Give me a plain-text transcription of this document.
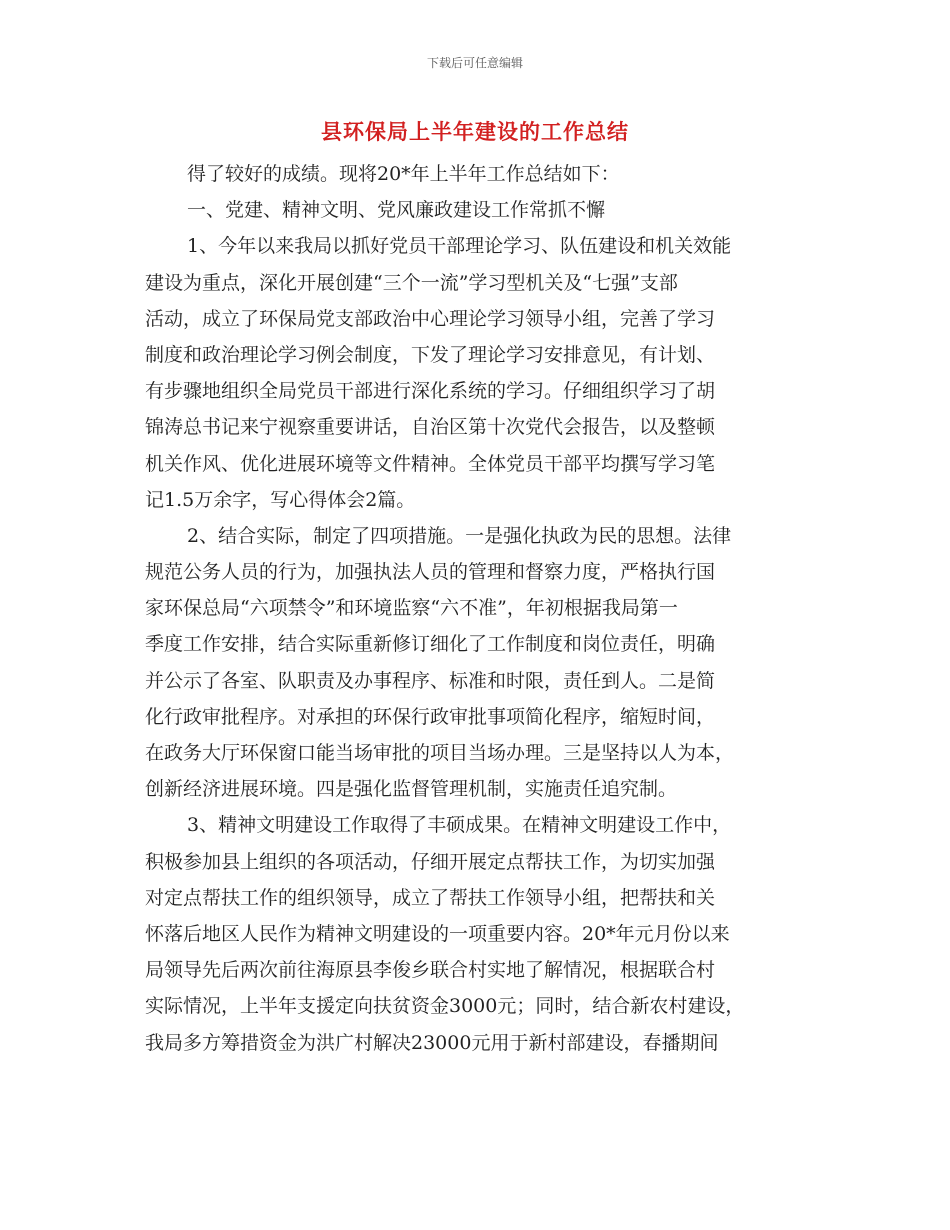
下载后可任意编辑
县环保局上半年建设的工作总结
得了较好的成绩。现将20*年上半年工作总结如下：
一、党建、精神文明、党风廉政建设工作常抓不懈
1、今年以来我局以抓好党员干部理论学习、队伍建设和机关效能
建设为重点，深化开展创建“三个一流”学习型机关及“七强”支部
活动，成立了环保局党支部政治中心理论学习领导小组，完善了学习
制度和政治理论学习例会制度，下发了理论学习安排意见，有计划、
有步骤地组织全局党员干部进行深化系统的学习。仔细组织学习了胡
锦涛总书记来宁视察重要讲话，自治区第十次党代会报告，以及整顿
机关作风、优化进展环境等文件精神。全体党员干部平均撰写学习笔
记1.5万余字，写心得体会2篇。
2、结合实际，制定了四项措施。一是强化执政为民的思想。法律
规范公务人员的行为，加强执法人员的管理和督察力度，严格执行国
家环保总局“六项禁令”和环境监察“六不准”，年初根据我局第一
季度工作安排，结合实际重新修订细化了工作制度和岗位责任，明确
并公示了各室、队职责及办事程序、标准和时限，责任到人。二是简
化行政审批程序。对承担的环保行政审批事项简化程序，缩短时间，
在政务大厅环保窗口能当场审批的项目当场办理。三是坚持以人为本，
创新经济进展环境。四是强化监督管理机制，实施责任追究制。
3、精神文明建设工作取得了丰硕成果。在精神文明建设工作中，
积极参加县上组织的各项活动，仔细开展定点帮扶工作，为切实加强
对定点帮扶工作的组织领导，成立了帮扶工作领导小组，把帮扶和关
怀落后地区人民作为精神文明建设的一项重要内容。20*年元月份以来
局领导先后两次前往海原县李俊乡联合村实地了解情况，根据联合村
实际情况，上半年支援定向扶贫资金3000元；同时，结合新农村建设，
我局多方筹措资金为洪广村解决23000元用于新村部建设，春播期间
